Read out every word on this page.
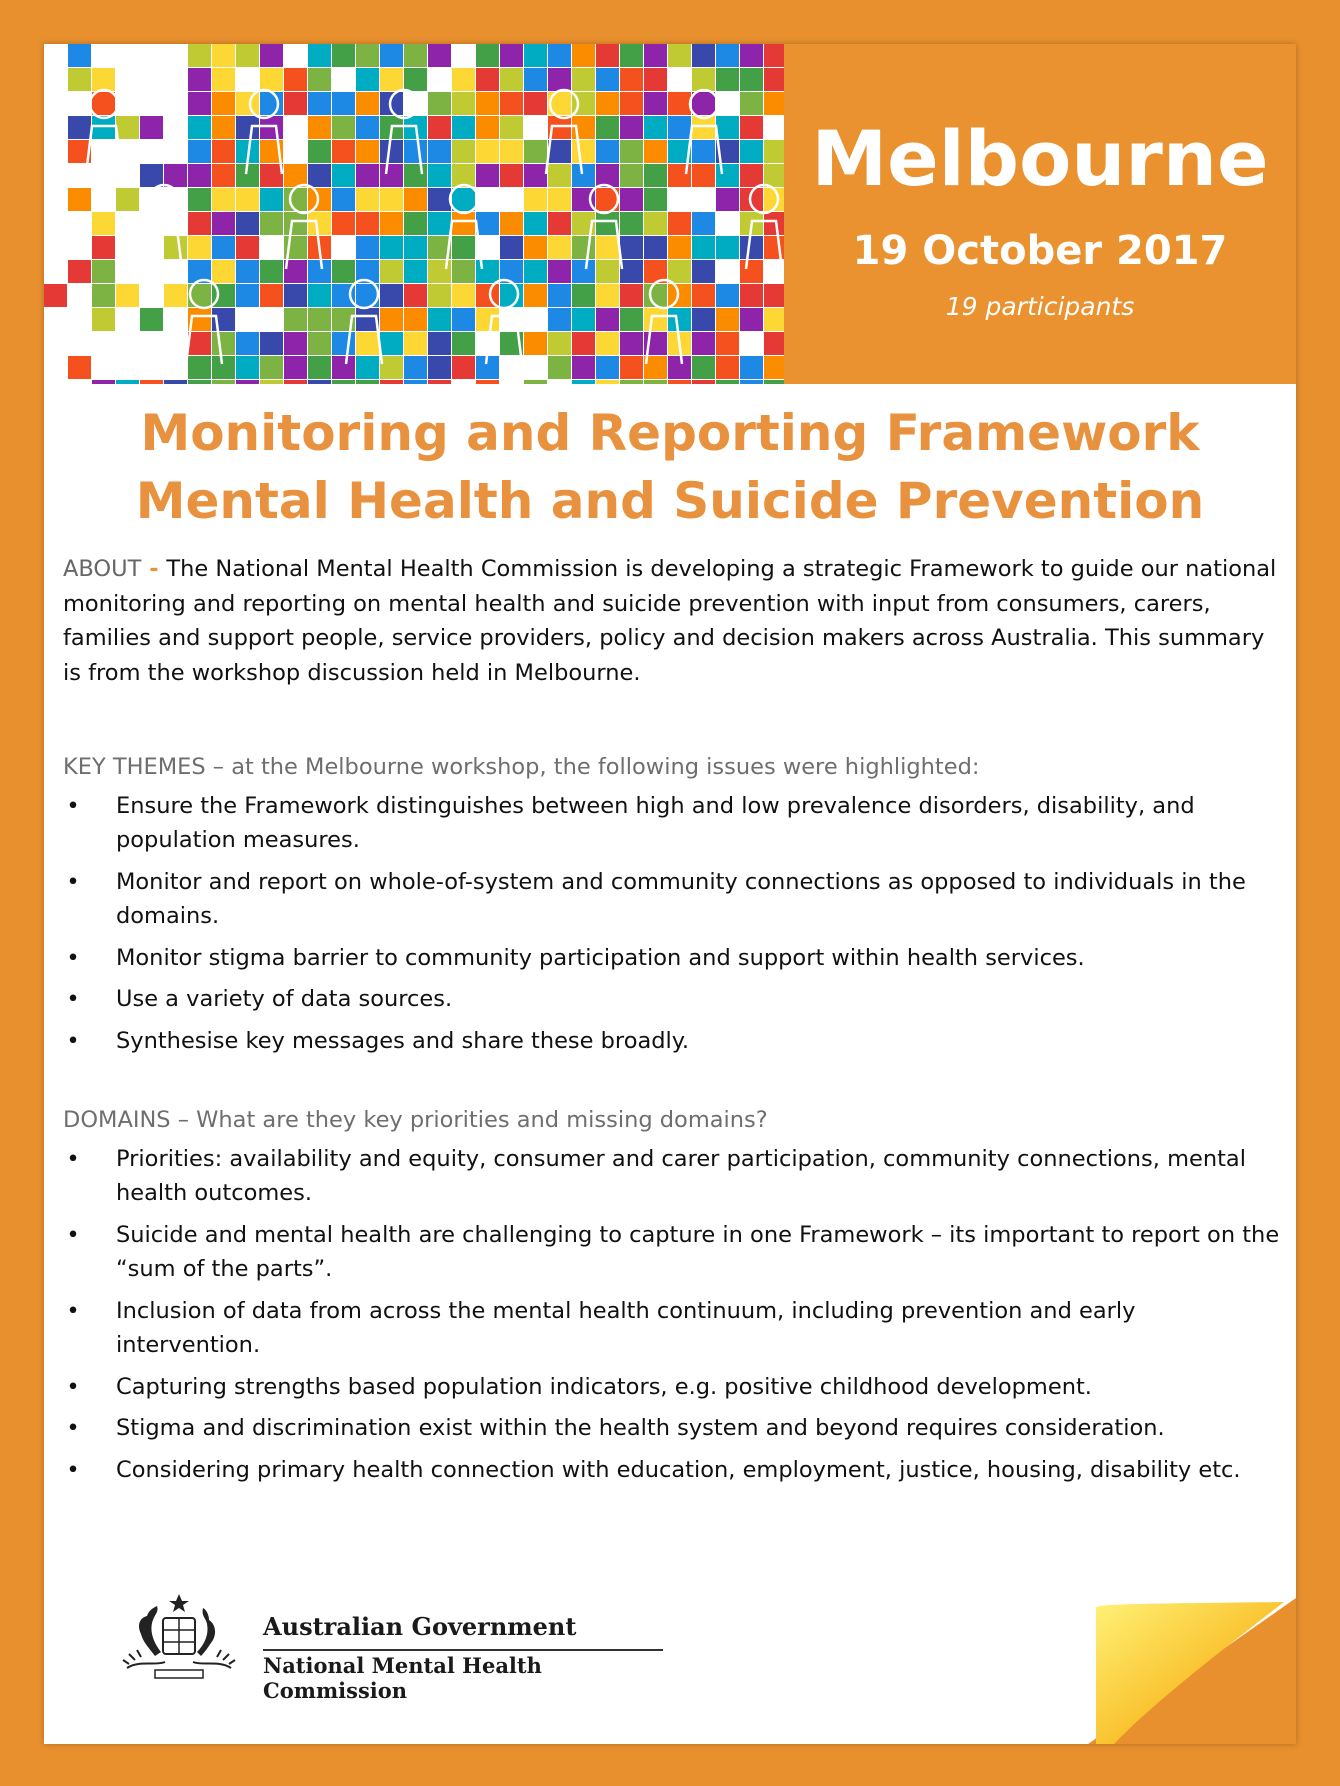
Melbourne
19 October 2017
19 participants
Monitoring and Reporting Framework
Mental Health and Suicide Prevention

ABOUT - The National Mental Health Commission is developing a strategic Framework to guide our national monitoring and reporting on mental health and suicide prevention with input from consumers, carers, families and support people, service providers, policy and decision makers across Australia. This summary is from the workshop discussion held in Melbourne.

KEY THEMES – at the Melbourne workshop, the following issues were highlighted:

• Ensure the Framework distinguishes between high and low prevalence disorders, disability, and population measures.
• Monitor and report on whole-of-system and community connections as opposed to individuals in the domains.
• Monitor stigma barrier to community participation and support within health services.
• Use a variety of data sources.
• Synthesise key messages and share these broadly.

DOMAINS – What are they key priorities and missing domains?

• Priorities: availability and equity, consumer and carer participation, community connections, mental health outcomes.
• Suicide and mental health are challenging to capture in one Framework – its important to report on the “sum of the parts”.
• Inclusion of data from across the mental health continuum, including prevention and early intervention.
• Capturing strengths based population indicators, e.g. positive childhood development.
• Stigma and discrimination exist within the health system and beyond requires consideration.
• Considering primary health connection with education, employment, justice, housing, disability etc.
Australian Government
National Mental Health Commission
